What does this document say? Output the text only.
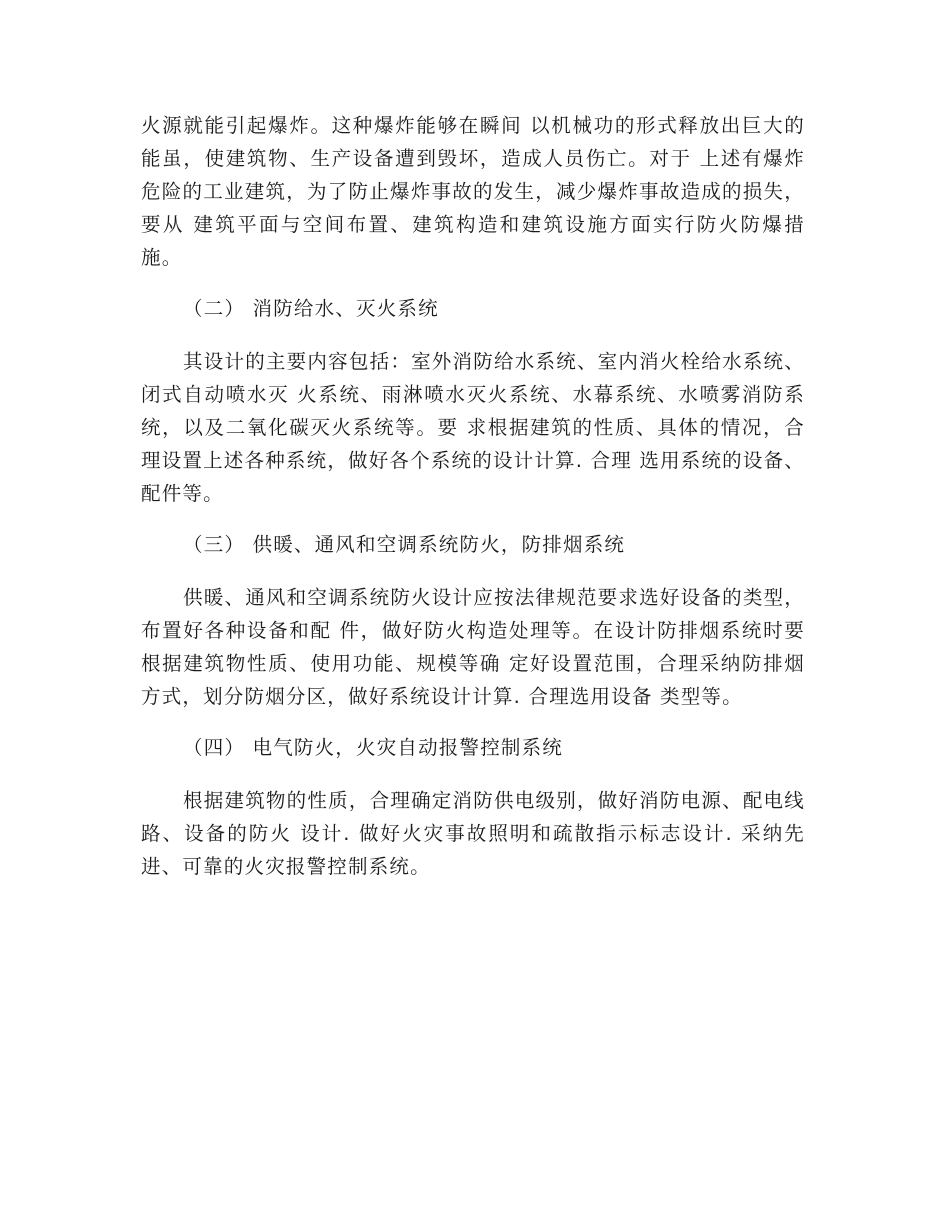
火源就能引起爆炸。这种爆炸能够在瞬间 以机械功的形式释放出巨大的能虽，使建筑物、生产设备遭到毁坏，造成人员伤亡。对于 上述有爆炸危险的工业建筑，为了防止爆炸事故的发生，减少爆炸事故造成的损失，要从 建筑平面与空间布置、建筑构造和建筑设施方面实行防火防爆措施。

（二） 消防给水、灭火系统

其设计的主要内容包括：室外消防给水系统、室内消火栓给水系统、闭式自动喷水灭 火系统、雨淋喷水灭火系统、水幕系统、水喷雾消防系统，以及二氧化碳灭火系统等。要 求根据建筑的性质、具体的情况，合理设置上述各种系统，做好各个系统的设计计算. 合理 选用系统的设备、配件等。

（三） 供暖、通风和空调系统防火，防排烟系统

供暖、通风和空调系统防火设计应按法律规范要求选好设备的类型，布置好各种设备和配 件，做好防火构造处理等。在设计防排烟系统时要根据建筑物性质、使用功能、规模等确 定好设置范围，合理采纳防排烟方式，划分防烟分区，做好系统设计计算. 合理选用设备 类型等。

（四） 电气防火，火灾自动报警控制系统

根据建筑物的性质，合理确定消防供电级别，做好消防电源、配电线路、设备的防火 设计. 做好火灾事故照明和疏散指示标志设计. 采纳先进、可靠的火灾报警控制系统。
